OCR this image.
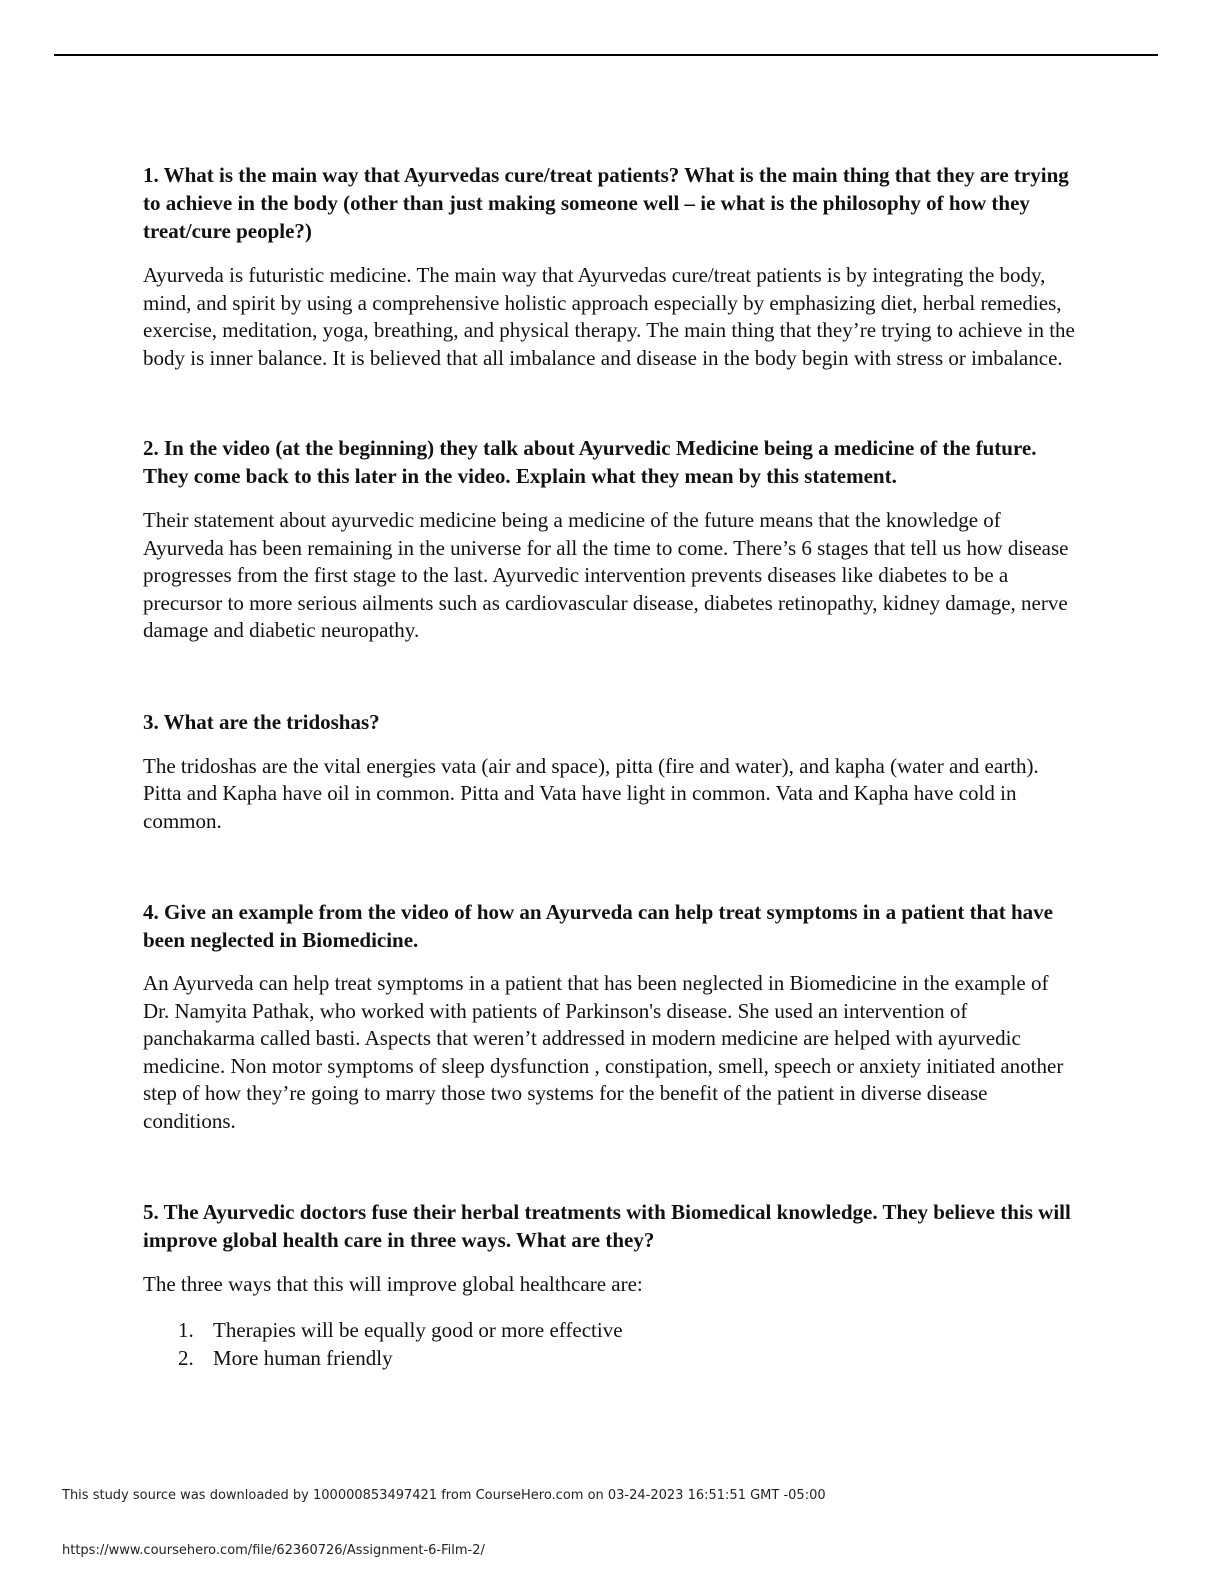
1. What is the main way that Ayurvedas cure/treat patients? What is the main thing that they are trying to achieve in the body (other than just making someone well – ie what is the philosophy of how they treat/cure people?)

Ayurveda is futuristic medicine. The main way that Ayurvedas cure/treat patients is by integrating the body, mind, and spirit by using a comprehensive holistic approach especially by emphasizing diet, herbal remedies, exercise, meditation, yoga, breathing, and physical therapy. The main thing that they’re trying to achieve in the body is inner balance. It is believed that all imbalance and disease in the body begin with stress or imbalance.

2. In the video (at the beginning) they talk about Ayurvedic Medicine being a medicine of the future. They come back to this later in the video. Explain what they mean by this statement.

Their statement about ayurvedic medicine being a medicine of the future means that the knowledge of Ayurveda has been remaining in the universe for all the time to come. There’s 6 stages that tell us how disease progresses from the first stage to the last. Ayurvedic intervention prevents diseases like diabetes to be a precursor to more serious ailments such as cardiovascular disease, diabetes retinopathy, kidney damage, nerve damage and diabetic neuropathy.

3. What are the tridoshas?

The tridoshas are the vital energies vata (air and space), pitta (fire and water), and kapha (water and earth). Pitta and Kapha have oil in common. Pitta and Vata have light in common. Vata and Kapha have cold in common.

4. Give an example from the video of how an Ayurveda can help treat symptoms in a patient that have been neglected in Biomedicine.

An Ayurveda can help treat symptoms in a patient that has been neglected in Biomedicine in the example of Dr. Namyita Pathak, who worked with patients of Parkinson's disease. She used an intervention of panchakarma called basti. Aspects that weren’t addressed in modern medicine are helped with ayurvedic medicine. Non motor symptoms of sleep dysfunction , constipation, smell, speech or anxiety initiated another step of how they’re going to marry those two systems for the benefit of the patient in diverse disease conditions.

5. The Ayurvedic doctors fuse their herbal treatments with Biomedical knowledge. They believe this will improve global health care in three ways. What are they?

The three ways that this will improve global healthcare are:

1. Therapies will be equally good or more effective
2. More human friendly
This study source was downloaded by 100000853497421 from CourseHero.com on 03-24-2023 16:51:51 GMT -05:00
https://www.coursehero.com/file/62360726/Assignment-6-Film-2/
